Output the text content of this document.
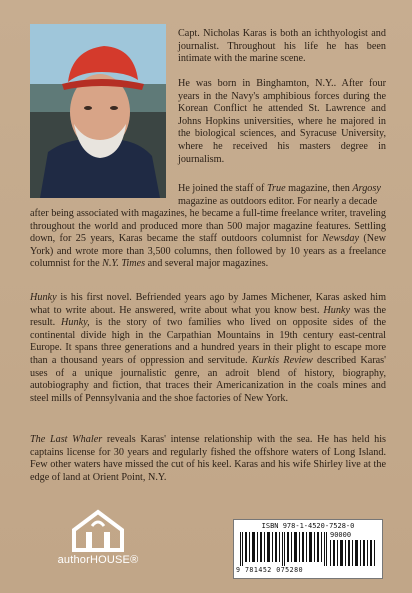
Capt. Nicholas Karas is both an ichthyologist and journalist. Throughout his life he has been intimate with the marine scene.

He was born in Binghamton, N.Y.. After four years in the Navy's amphibious forces during the Korean Conflict he attended St. Lawrence and Johns Hopkins universities, where he majored in the biological sciences, and Syracuse University, where he received his masters degree in journalism.

He joined the staff of True magazine, then Argosy
magazine as outdoors editor. For nearly a decade

after being associated with magazines, he became a full-time freelance writer, traveling throughout the world and produced more than 500 major magazine features. Settling down, for 25 years, Karas became the staff outdoors columnist for Newsday (New York) and wrote more than 3,500 columns, then followed by 10 years as a freelance columnist for the N.Y. Times and several major magazines.

Hunky is his first novel. Befriended years ago by James Michener, Karas asked him what to write about. He answered, write about what you know best. Hunky was the result. Hunky, is the story of two families who lived on opposite sides of the continental divide high in the Carpathian Mountains in 19th century east-central Europe. It spans three generations and a hundred years in their plight to escape more than a thousand years of oppression and servitude. Kurkis Review described Karas' uses of a unique journalistic genre, an adroit blend of history, biography, autobiography and fiction, that traces their Americanization in the coals mines and steel mills of Pennsylvania and the shoe factories of New York.

The Last Whaler reveals Karas' intense relationship with the sea. He has held his captains license for 30 years and regularly fished the offshore waters of Long Island. Few other waters have missed the cut of his keel. Karas and his wife Shirley live at the edge of land at Orient Point, N.Y.

authorHOUSE®
ISBN 978-1-4520-7528-0
90000
9 781452 075280
